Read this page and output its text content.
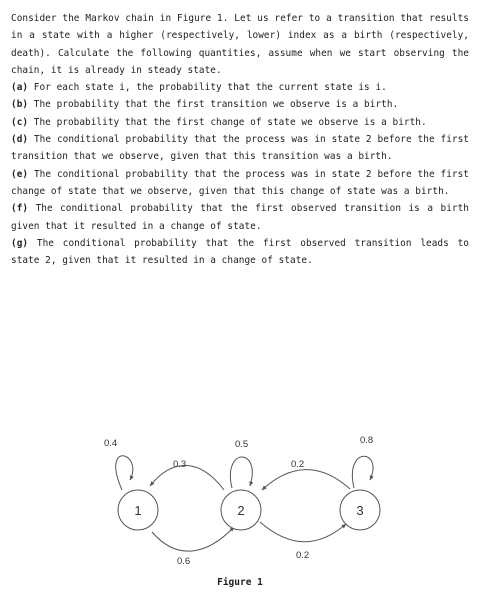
Consider the Markov chain in Figure 1. Let us refer to a transition that results in a state with a higher (respectively, lower) index as a birth (respectively, death). Calculate the following quantities, assume when we start observing the chain, it is already in steady state.

(a) For each state i, the probability that the current state is i.

(b) The probability that the first transition we observe is a birth.

(c) The probability that the first change of state we observe is a birth.

(d) The conditional probability that the process was in state 2 before the first transition that we observe, given that this transition was a birth.

(e) The conditional probability that the process was in state 2 before the first change of state that we observe, given that this change of state was a birth.

(f) The conditional probability that the first observed transition is a birth given that it resulted in a change of state.

(g) The conditional probability that the first observed transition leads to state 2, given that it resulted in a change of state.

1	2	3
0.4	0.5	0.8
0.3
0.6
0.2
0.2
Figure 1
